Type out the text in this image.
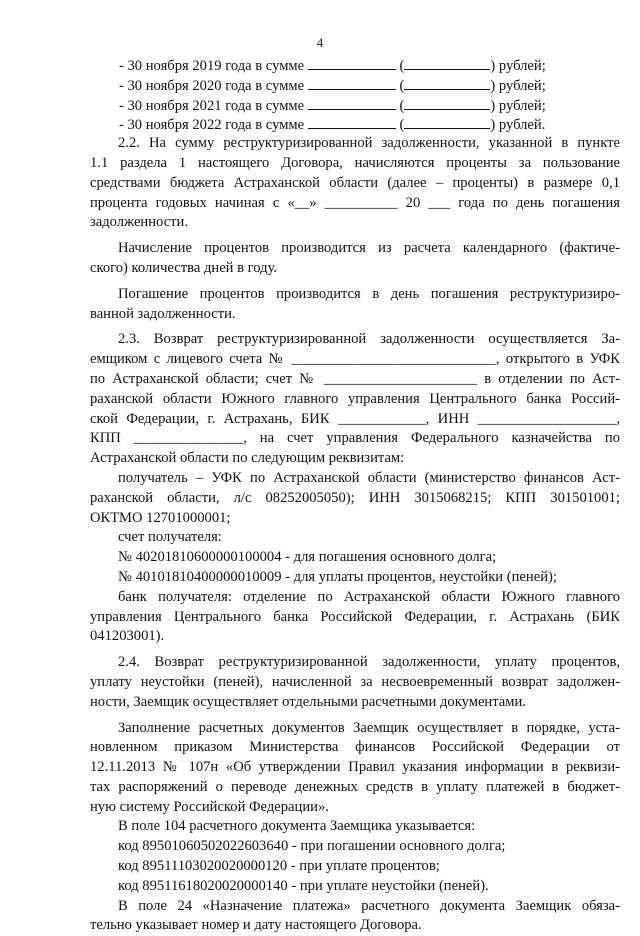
4
- 30 ноября 2019 года в сумме	(	) рублей;
- 30 ноября 2020 года в сумме	(	) рублей;
- 30 ноября 2021 года в сумме	(	) рублей;
- 30 ноября 2022 года в сумме	(	) рублей.
2.2. На сумму реструктуризированной задолженности, указанной в пункте
1.1 раздела 1 настоящего Договора, начисляются проценты за пользование
средствами бюджета Астраханской области (далее – проценты) в размере 0,1
процента годовых начиная с «__» __________ 20 ___ года по день погашения
задолженности.
Начисление процентов производится из расчета календарного (фактиче-
ского) количества дней в году.
Погашение процентов производится в день погашения реструктуризиро-
ванной задолженности.
2.3. Возврат реструктуризированной задолженности осуществляется За-
емщиком с лицевого счета № ____________________________, открытого в УФК
по Астраханской области; счет № _____________________ в отделении по Аст-
раханской области Южного главного управления Центрального банка Россий-
ской Федерации, г. Астрахань, БИК ____________, ИНН ___________________,
КПП _______________, на счет управления Федерального казначейства по
Астраханской области по следующим реквизитам:
получатель – УФК по Астраханской области (министерство финансов Аст-
раханской области, л/с 08252005050); ИНН 3015068215; КПП 301501001;
ОКТМО 12701000001;
счет получателя:
№ 40201810600000100004 - для погашения основного долга;
№ 40101810400000010009 - для уплаты процентов, неустойки (пеней);
банк получателя: отделение по Астраханской области Южного главного
управления Центрального банка Российской Федерации, г. Астрахань (БИК
041203001).
2.4. Возврат реструктуризированной задолженности, уплату процентов,
уплату неустойки (пеней), начисленной за несвоевременный возврат задолжен-
ности, Заемщик осуществляет отдельными расчетными документами.
Заполнение расчетных документов Заемщик осуществляет в порядке, уста-
новленном приказом Министерства финансов Российской Федерации от
12.11.2013 № 107н «Об утверждении Правил указания информации в реквизи-
тах распоряжений о переводе денежных средств в уплату платежей в бюджет-
ную систему Российской Федерации».
В поле 104 расчетного документа Заемщика указывается:
код 89501060502022603640 - при погашении основного долга;
код 89511103020020000120 - при уплате процентов;
код 89511618020020000140 - при уплате неустойки (пеней).
В поле 24 «Назначение платежа» расчетного документа Заемщик обяза-
тельно указывает номер и дату настоящего Договора.
